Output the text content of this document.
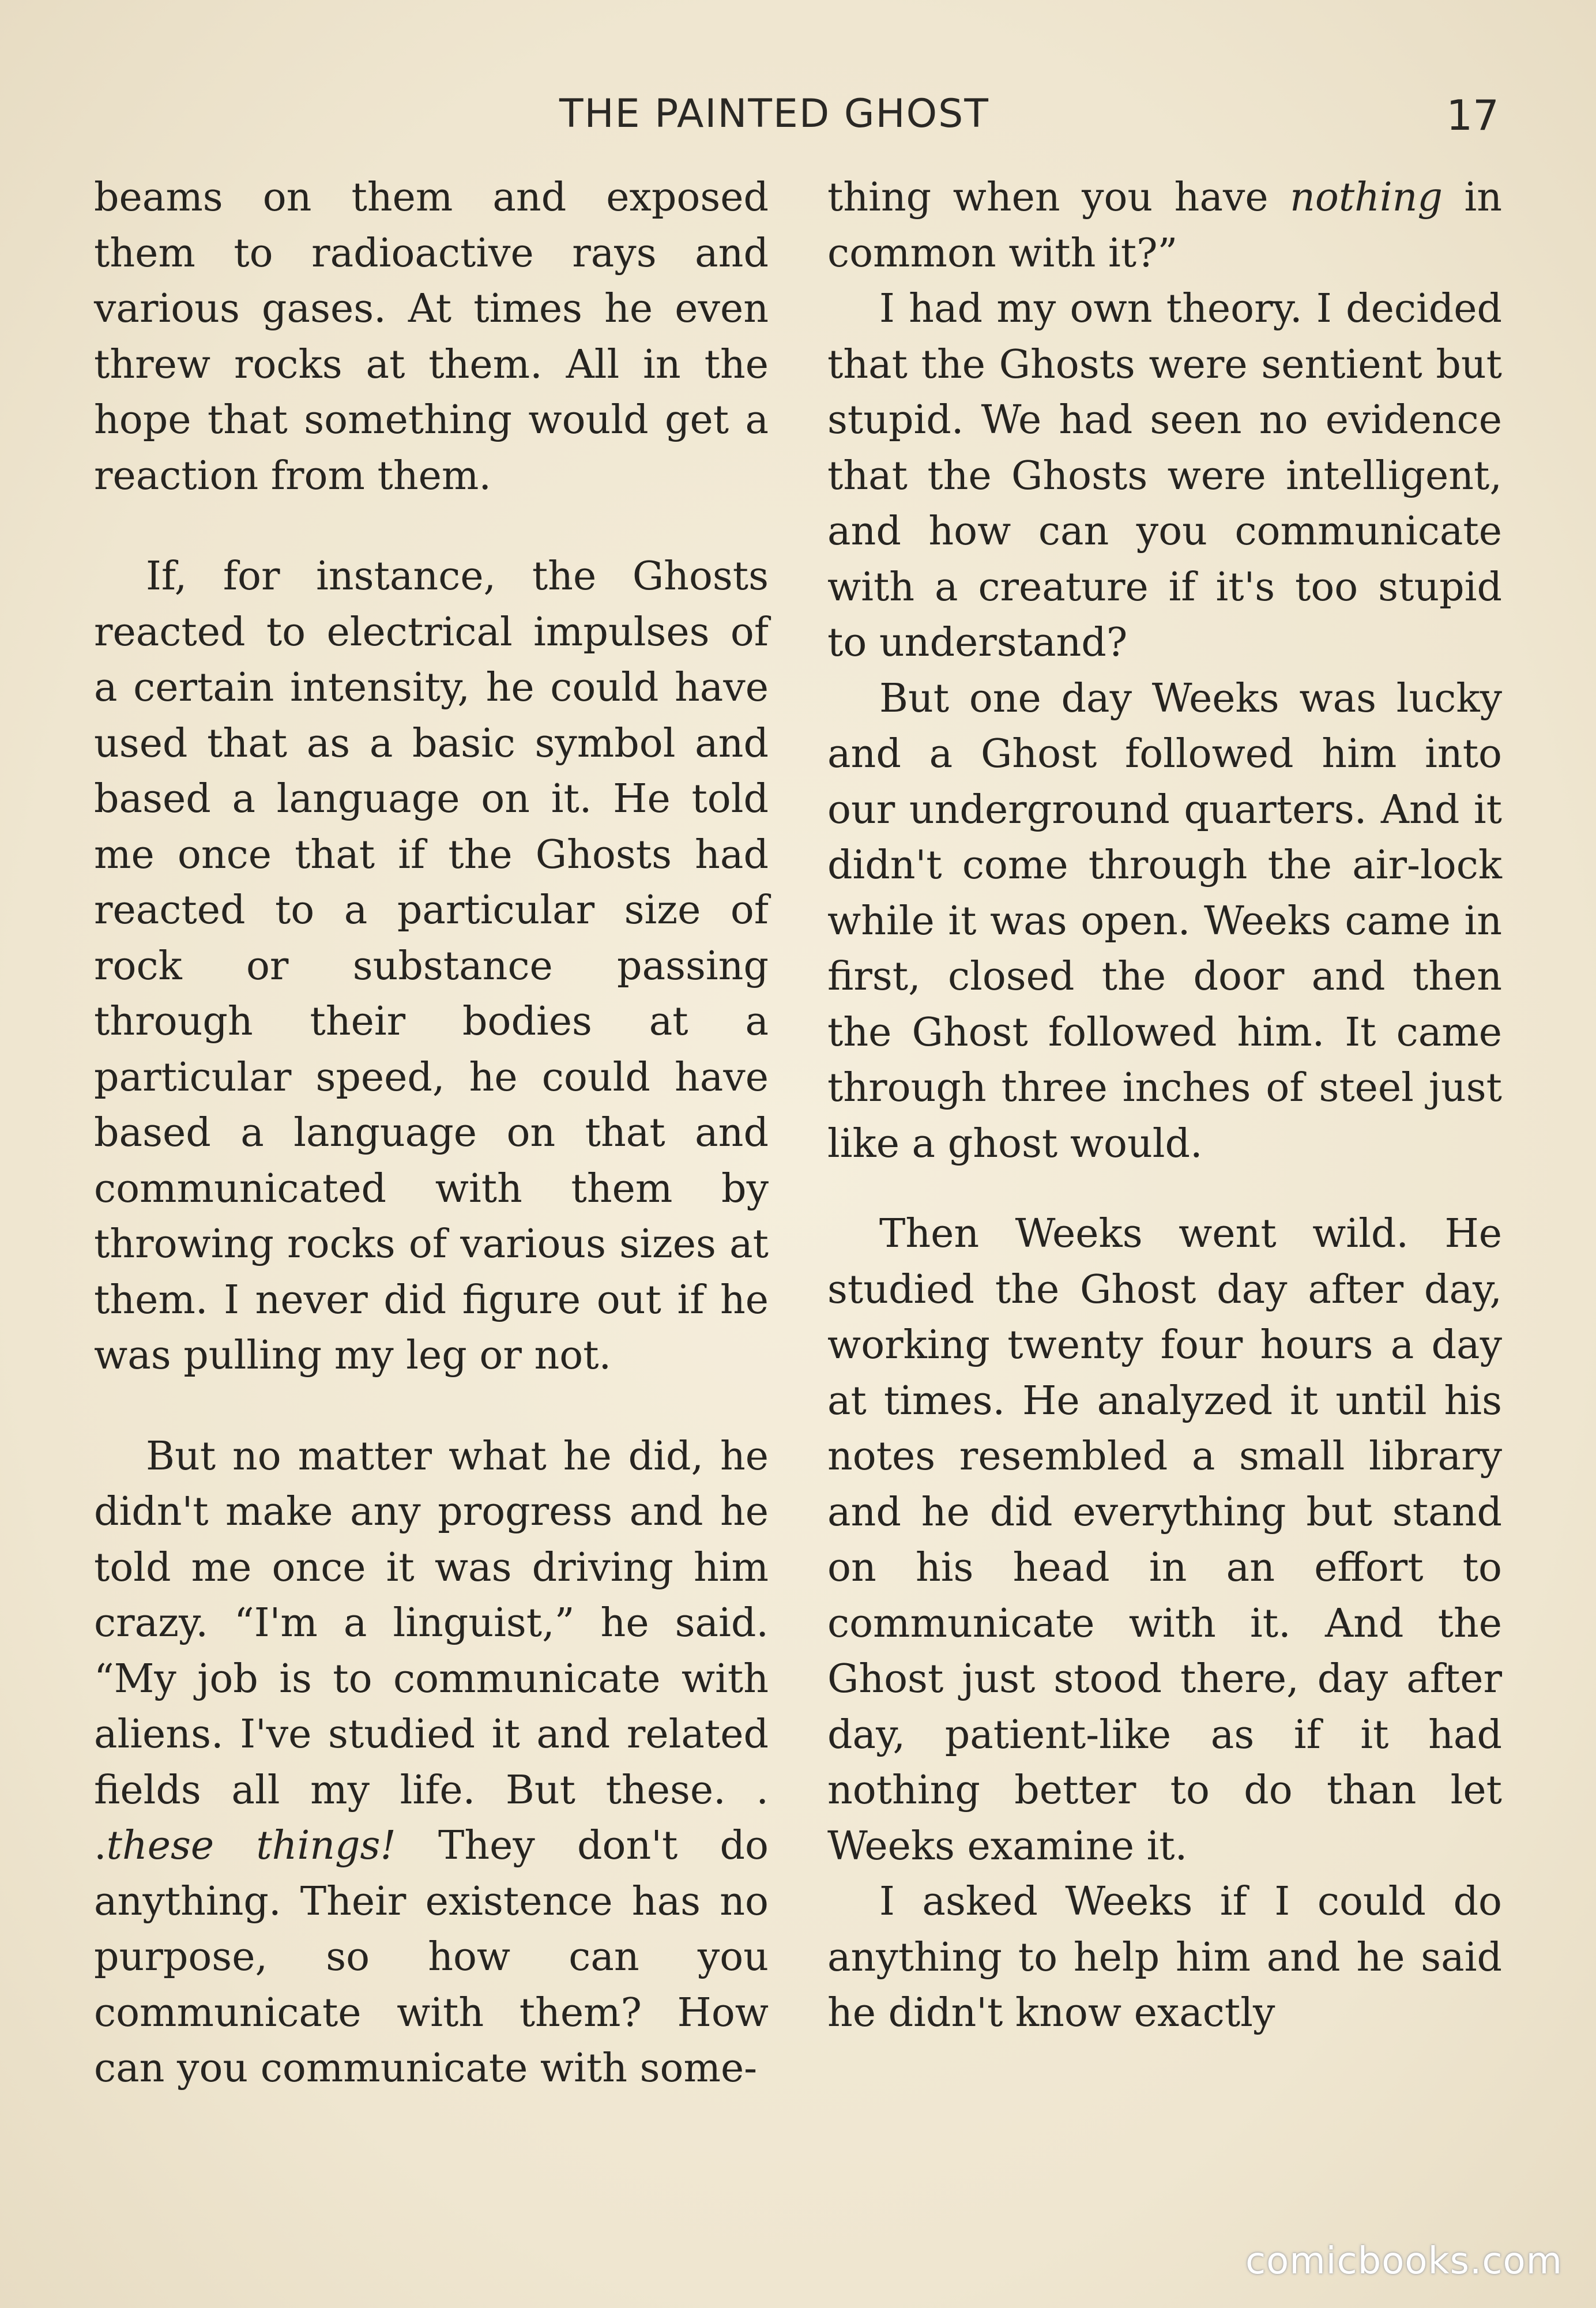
THE PAINTED GHOST	17

beams on them and exposed them to radioactive rays and various gases. At times he even threw rocks at them. All in the hope that something would get a reaction from them.

If, for instance, the Ghosts reacted to electrical impulses of a certain intensity, he could have used that as a basic symbol and based a language on it. He told me once that if the Ghosts had reacted to a particular size of rock or substance passing through their bodies at a particular speed, he could have based a language on that and communicated with them by throwing rocks of various sizes at them. I never did figure out if he was pulling my leg or not.

But no matter what he did, he didn't make any progress and he told me once it was driving him crazy. “I'm a linguist,” he said. “My job is to communicate with aliens. I've studied it and related fields all my life. But these. . .these things! They don't do anything. Their existence has no purpose, so how can you communicate with them? How can you communicate with some-

thing when you have nothing in common with it?”

I had my own theory. I decided that the Ghosts were sentient but stupid. We had seen no evidence that the Ghosts were intelligent, and how can you communicate with a creature if it's too stupid to understand?

But one day Weeks was lucky and a Ghost followed him into our underground quarters. And it didn't come through the air-lock while it was open. Weeks came in first, closed the door and then the Ghost followed him. It came through three inches of steel just like a ghost would.

Then Weeks went wild. He studied the Ghost day after day, working twenty four hours a day at times. He analyzed it until his notes resembled a small library and he did everything but stand on his head in an effort to communicate with it. And the Ghost just stood there, day after day, patient-like as if it had nothing better to do than let Weeks examine it.

I asked Weeks if I could do anything to help him and he said he didn't know exactly

comicbooks.com
